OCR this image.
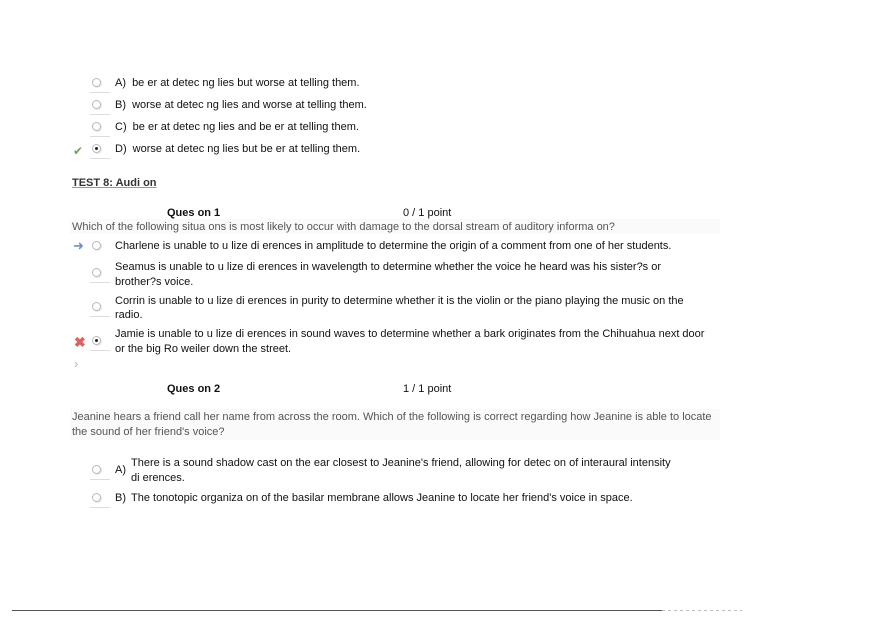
A) be er at detec ng lies but worse at telling them.
B) worse at detec ng lies and worse at telling them.
C) be er at detec ng lies and be er at telling them.
✔	D) worse at detec ng lies but be er at telling them.
TEST 8: Audi on
Ques on 1	0 / 1 point
Which of the following situa ons is most likely to occur with damage to the dorsal stream of auditory informa on?
➜	Charlene is unable to u lize di erences in amplitude to determine the origin of a comment from one of her students.
Seamus is unable to u lize di erences in wavelength to determine whether the voice he heard was his sister?s or
brother?s voice.
Corrin is unable to u lize di erences in purity to determine whether it is the violin or the piano playing the music on the
radio.
✖	Jamie is unable to u lize di erences in sound waves to determine whether a bark originates from the Chihuahua next door
or the big Ro weiler down the street.
›
Ques on 2	1 / 1 point
Jeanine hears a friend call her name from across the room. Which of the following is correct regarding how Jeanine is able to locate
the sound of her friend's voice?
A)
There is a sound shadow cast on the ear closest to Jeanine's friend, allowing for detec on of interaural intensity
di erences.
B) The tonotopic organiza on of the basilar membrane allows Jeanine to locate her friend's voice in space.
